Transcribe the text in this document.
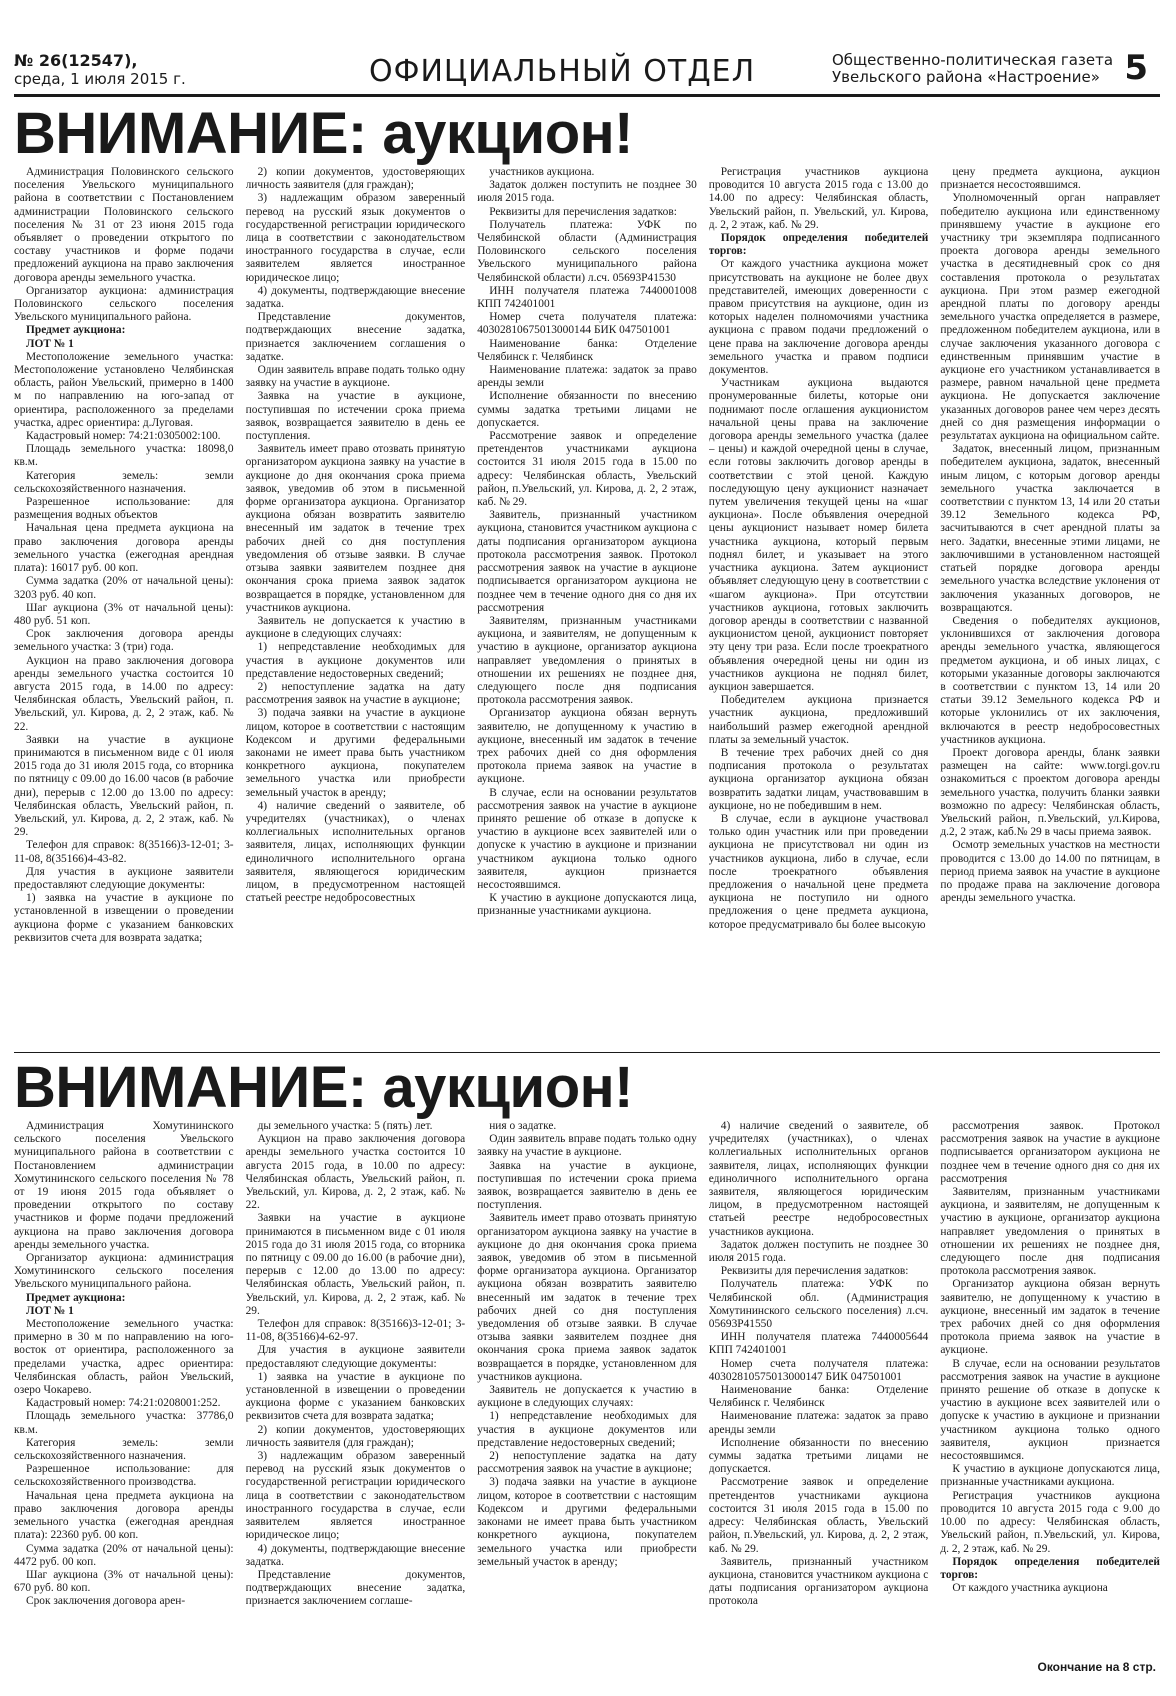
№ 26(12547),
среда, 1 июля 2015 г.	ОФИЦИАЛЬНЫЙ ОТДЕЛ	Общественно-политическая газета
Увельского района «Настроение» 5
ВНИМАНИЕ: аукцион!

Администрация Половинского сельского поселения Увельского муниципального района в соответствии с Постановлением администрации Половинского сельского поселения № 31 от 23 июня 2015 года объявляет о проведении открытого по составу участников и форме подачи предложений аукциона на право заключения договора аренды земельного участка.

Организатор аукциона: администрация Половинского сельского поселения Увельского муниципального района.

Предмет аукциона:

ЛОТ № 1

Местоположение земельного участка: Местоположение установлено Челябинская область, район Увельский, примерно в 1400 м по направлению на юго-запад от ориентира, расположенного за пределами участка, адрес ориентира: д.Луговая.

Кадастровый номер: 74:21:0305002:100.

Площадь земельного участка: 18098,0 кв.м.

Категория земель: земли сельскохозяйственного назначения.

Разрешенное использование: для размещения водных объектов

Начальная цена предмета аукциона на право заключения договора аренды земельного участка (ежегодная арендная плата): 16017 руб. 00 коп.

Сумма задатка (20% от начальной цены): 3203 руб. 40 коп.

Шаг аукциона (3% от начальной цены): 480 руб. 51 коп.

Срок заключения договора аренды земельного участка: 3 (три) года.

Аукцион на право заключения договора аренды земельного участка состоится 10 августа 2015 года, в 14.00 по адресу: Челябинская область, Увельский район, п. Увельский, ул. Кирова, д. 2, 2 этаж, каб. № 22.

Заявки на участие в аукционе принимаются в письменном виде с 01 июля 2015 года до 31 июля 2015 года, со вторника по пятницу с 09.00 до 16.00 часов (в рабочие дни), перерыв с 12.00 до 13.00 по адресу: Челябинская область, Увельский район, п. Увельский, ул. Кирова, д. 2, 2 этаж, каб. № 29.

Телефон для справок: 8(35166)3-12-01; 3-11-08, 8(35166)4-43-82.

Для участия в аукционе заявители предоставляют следующие документы:

1) заявка на участие в аукционе по установленной в извещении о проведении аукциона форме с указанием банковских реквизитов счета для возврата задатка;

2) копии документов, удостоверяющих личность заявителя (для граждан);

3) надлежащим образом заверенный перевод на русский язык документов о государственной регистрации юридического лица в соответствии с законодательством иностранного государства в случае, если заявителем является иностранное юридическое лицо;

4) документы, подтверждающие внесение задатка.

Представление документов, подтверждающих внесение задатка, признается заключением соглашения о задатке.

Один заявитель вправе подать только одну заявку на участие в аукционе.

Заявка на участие в аукционе, поступившая по истечении срока приема заявок, возвращается заявителю в день ее поступления.

Заявитель имеет право отозвать принятую организатором аукциона заявку на участие в аукционе до дня окончания срока приема заявок, уведомив об этом в письменной форме организатора аукциона. Организатор аукциона обязан возвратить заявителю внесенный им задаток в течение трех рабочих дней со дня поступления уведомления об отзыве заявки. В случае отзыва заявки заявителем позднее дня окончания срока приема заявок задаток возвращается в порядке, установленном для участников аукциона.

Заявитель не допускается к участию в аукционе в следующих случаях:

1) непредставление необходимых для участия в аукционе документов или представление недостоверных сведений;

2) непоступление задатка на дату рассмотрения заявок на участие в аукционе;

3) подача заявки на участие в аукционе лицом, которое в соответствии с настоящим Кодексом и другими федеральными законами не имеет права быть участником конкретного аукциона, покупателем земельного участка или приобрести земельный участок в аренду;

4) наличие сведений о заявителе, об учредителях (участниках), о членах коллегиальных исполнительных органов заявителя, лицах, исполняющих функции единоличного исполнительного органа заявителя, являющегося юридическим лицом, в предусмотренном настоящей статьей реестре недобросовестных

участников аукциона.

Задаток должен поступить не позднее 30 июля 2015 года.

Реквизиты для перечисления задатков:

Получатель платежа: УФК по Челябинской области (Администрация Половинского сельского поселения Увельского муниципального района Челябинской области) л.сч. 05693Р41530

ИНН получателя платежа 7440001008 КПП 742401001

Номер счета получателя платежа: 40302810675013000144 БИК 047501001

Наименование банка: Отделение Челябинск г. Челябинск

Наименование платежа: задаток за право аренды земли

Исполнение обязанности по внесению суммы задатка третьими лицами не допускается.

Рассмотрение заявок и определение претендентов участниками аукциона состоится 31 июля 2015 года в 15.00 по адресу: Челябинская область, Увельский район, п.Увельский, ул. Кирова, д. 2, 2 этаж, каб. № 29.

Заявитель, признанный участником аукциона, становится участником аукциона с даты подписания организатором аукциона протокола рассмотрения заявок. Протокол рассмотрения заявок на участие в аукционе подписывается организатором аукциона не позднее чем в течение одного дня со дня их рассмотрения

Заявителям, признанным участниками аукциона, и заявителям, не допущенным к участию в аукционе, организатор аукциона направляет уведомления о принятых в отношении их решениях не позднее дня, следующего после дня подписания протокола рассмотрения заявок.

Организатор аукциона обязан вернуть заявителю, не допущенному к участию в аукционе, внесенный им задаток в течение трех рабочих дней со дня оформления протокола приема заявок на участие в аукционе.

В случае, если на основании результатов рассмотрения заявок на участие в аукционе принято решение об отказе в допуске к участию в аукционе всех заявителей или о допуске к участию в аукционе и признании участником аукциона только одного заявителя, аукцион признается несостоявшимся.

К участию в аукционе допускаются лица, признанные участниками аукциона.

Регистрация участников аукциона проводится 10 августа 2015 года с 13.00 до 14.00 по адресу: Челябинская область, Увельский район, п. Увельский, ул. Кирова, д. 2, 2 этаж, каб. № 29.

Порядок определения победителей торгов:

От каждого участника аукциона может присутствовать на аукционе не более двух представителей, имеющих доверенности с правом присутствия на аукционе, один из которых наделен полномочиями участника аукциона с правом подачи предложений о цене права на заключение договора аренды земельного участка и правом подписи документов.

Участникам аукциона выдаются пронумерованные билеты, которые они поднимают после оглашения аукционистом начальной цены права на заключение договора аренды земельного участка (далее – цены) и каждой очередной цены в случае, если готовы заключить договор аренды в соответствии с этой ценой. Каждую последующую цену аукционист назначает путем увеличения текущей цены на «шаг аукциона». После объявления очередной цены аукционист называет номер билета участника аукциона, который первым поднял билет, и указывает на этого участника аукциона. Затем аукционист объявляет следующую цену в соответствии с «шагом аукциона». При отсутствии участников аукциона, готовых заключить договор аренды в соответствии с названной аукционистом ценой, аукционист повторяет эту цену три раза. Если после троекратного объявления очередной цены ни один из участников аукциона не поднял билет, аукцион завершается.

Победителем аукциона признается участник аукциона, предложивший наибольший размер ежегодной арендной платы за земельный участок.

В течение трех рабочих дней со дня подписания протокола о результатах аукциона организатор аукциона обязан возвратить задатки лицам, участвовавшим в аукционе, но не победившим в нем.

В случае, если в аукционе участвовал только один участник или при проведении аукциона не присутствовал ни один из участников аукциона, либо в случае, если после троекратного объявления предложения о начальной цене предмета аукциона не поступило ни одного предложения о цене предмета аукциона, которое предусматривало бы более высокую

цену предмета аукциона, аукцион признается несостоявшимся.

Уполномоченный орган направляет победителю аукциона или единственному принявшему участие в аукционе его участнику три экземпляра подписанного проекта договора аренды земельного участка в десятидневный срок со дня составления протокола о результатах аукциона. При этом размер ежегодной арендной платы по договору аренды земельного участка определяется в размере, предложенном победителем аукциона, или в случае заключения указанного договора с единственным принявшим участие в аукционе его участником устанавливается в размере, равном начальной цене предмета аукциона. Не допускается заключение указанных договоров ранее чем через десять дней со дня размещения информации о результатах аукциона на официальном сайте.

Задаток, внесенный лицом, признанным победителем аукциона, задаток, внесенный иным лицом, с которым договор аренды земельного участка заключается в соответствии с пунктом 13, 14 или 20 статьи 39.12 Земельного кодекса РФ, засчитываются в счет арендной платы за него. Задатки, внесенные этими лицами, не заключившими в установленном настоящей статьей порядке договора аренды земельного участка вследствие уклонения от заключения указанных договоров, не возвращаются.

Сведения о победителях аукционов, уклонившихся от заключения договора аренды земельного участка, являющегося предметом аукциона, и об иных лицах, с которыми указанные договоры заключаются в соответствии с пунктом 13, 14 или 20 статьи 39.12 Земельного кодекса РФ и которые уклонились от их заключения, включаются в реестр недобросовестных участников аукциона.

Проект договора аренды, бланк заявки размещен на сайте: www.torgi.gov.ru ознакомиться с проектом договора аренды земельного участка, получить бланки заявки возможно по адресу: Челябинская область, Увельский район, п.Увельский, ул.Кирова, д.2, 2 этаж, каб.№ 29 в часы приема заявок.

Осмотр земельных участков на местности проводится с 13.00 до 14.00 по пятницам, в период приема заявок на участие в аукционе по продаже права на заключение договора аренды земельного участка.

ВНИМАНИЕ: аукцион!

Администрация Хомутининского сельского поселения Увельского муниципального района в соответствии с Постановлением администрации Хомутининского сельского поселения № 78 от 19 июня 2015 года объявляет о проведении открытого по составу участников и форме подачи предложений аукциона на право заключения договора аренды земельного участка.

Организатор аукциона: администрация Хомутининского сельского поселения Увельского муниципального района.

Предмет аукциона:

ЛОТ № 1

Местоположение земельного участка: примерно в 30 м по направлению на юго-восток от ориентира, расположенного за пределами участка, адрес ориентира: Челябинская область, район Увельский, озеро Чокарево.

Кадастровый номер: 74:21:0208001:252.

Площадь земельного участка: 37786,0 кв.м.

Категория земель: земли сельскохозяйственного назначения.

Разрешенное использование: для сельскохозяйственного производства.

Начальная цена предмета аукциона на право заключения договора аренды земельного участка (ежегодная арендная плата): 22360 руб. 00 коп.

Сумма задатка (20% от начальной цены): 4472 руб. 00 коп.

Шаг аукциона (3% от начальной цены): 670 руб. 80 коп.

Срок заключения договора арен-

ды земельного участка: 5 (пять) лет.

Аукцион на право заключения договора аренды земельного участка состоится 10 августа 2015 года, в 10.00 по адресу: Челябинская область, Увельский район, п. Увельский, ул. Кирова, д. 2, 2 этаж, каб. № 22.

Заявки на участие в аукционе принимаются в письменном виде с 01 июля 2015 года до 31 июля 2015 года, со вторника по пятницу с 09.00 до 16.00 (в рабочие дни), перерыв с 12.00 до 13.00 по адресу: Челябинская область, Увельский район, п. Увельский, ул. Кирова, д. 2, 2 этаж, каб. № 29.

Телефон для справок: 8(35166)3-12-01; 3-11-08, 8(35166)4-62-97.

Для участия в аукционе заявители предоставляют следующие документы:

1) заявка на участие в аукционе по установленной в извещении о проведении аукциона форме с указанием банковских реквизитов счета для возврата задатка;

2) копии документов, удостоверяющих личность заявителя (для граждан);

3) надлежащим образом заверенный перевод на русский язык документов о государственной регистрации юридического лица в соответствии с законодательством иностранного государства в случае, если заявителем является иностранное юридическое лицо;

4) документы, подтверждающие внесение задатка.

Представление документов, подтверждающих внесение задатка, признается заключением соглаше-

ния о задатке.

Один заявитель вправе подать только одну заявку на участие в аукционе.

Заявка на участие в аукционе, поступившая по истечении срока приема заявок, возвращается заявителю в день ее поступления.

Заявитель имеет право отозвать принятую организатором аукциона заявку на участие в аукционе до дня окончания срока приема заявок, уведомив об этом в письменной форме организатора аукциона. Организатор аукциона обязан возвратить заявителю внесенный им задаток в течение трех рабочих дней со дня поступления уведомления об отзыве заявки. В случае отзыва заявки заявителем позднее дня окончания срока приема заявок задаток возвращается в порядке, установленном для участников аукциона.

Заявитель не допускается к участию в аукционе в следующих случаях:

1) непредставление необходимых для участия в аукционе документов или представление недостоверных сведений;

2) непоступление задатка на дату рассмотрения заявок на участие в аукционе;

3) подача заявки на участие в аукционе лицом, которое в соответствии с настоящим Кодексом и другими федеральными законами не имеет права быть участником конкретного аукциона, покупателем земельного участка или приобрести земельный участок в аренду;

4) наличие сведений о заявителе, об учредителях (участниках), о членах коллегиальных исполнительных органов заявителя, лицах, исполняющих функции единоличного исполнительного органа заявителя, являющегося юридическим лицом, в предусмотренном настоящей статьей реестре недобросовестных участников аукциона.

Задаток должен поступить не позднее 30 июля 2015 года.

Реквизиты для перечисления задатков:

Получатель платежа: УФК по Челябинской обл. (Администрация Хомутининского сельского поселения) л.сч. 05693Р41550

ИНН получателя платежа 7440005644 КПП 742401001

Номер счета получателя платежа: 40302810575013000147 БИК 047501001

Наименование банка: Отделение Челябинск г. Челябинск

Наименование платежа: задаток за право аренды земли

Исполнение обязанности по внесению суммы задатка третьими лицами не допускается.

Рассмотрение заявок и определение претендентов участниками аукциона состоится 31 июля 2015 года в 15.00 по адресу: Челябинская область, Увельский район, п.Увельский, ул. Кирова, д. 2, 2 этаж, каб. № 29.

Заявитель, признанный участником аукциона, становится участником аукциона с даты подписания организатором аукциона протокола

рассмотрения заявок. Протокол рассмотрения заявок на участие в аукционе подписывается организатором аукциона не позднее чем в течение одного дня со дня их рассмотрения

Заявителям, признанным участниками аукциона, и заявителям, не допущенным к участию в аукционе, организатор аукциона направляет уведомления о принятых в отношении их решениях не позднее дня, следующего после дня подписания протокола рассмотрения заявок.

Организатор аукциона обязан вернуть заявителю, не допущенному к участию в аукционе, внесенный им задаток в течение трех рабочих дней со дня оформления протокола приема заявок на участие в аукционе.

В случае, если на основании результатов рассмотрения заявок на участие в аукционе принято решение об отказе в допуске к участию в аукционе всех заявителей или о допуске к участию в аукционе и признании участником аукциона только одного заявителя, аукцион признается несостоявшимся.

К участию в аукционе допускаются лица, признанные участниками аукциона.

Регистрация участников аукциона проводится 10 августа 2015 года с 9.00 до 10.00 по адресу: Челябинская область, Увельский район, п.Увельский, ул. Кирова, д. 2, 2 этаж, каб. № 29.

Порядок определения победителей торгов:

От каждого участника аукциона

Окончание на 8 стр.
